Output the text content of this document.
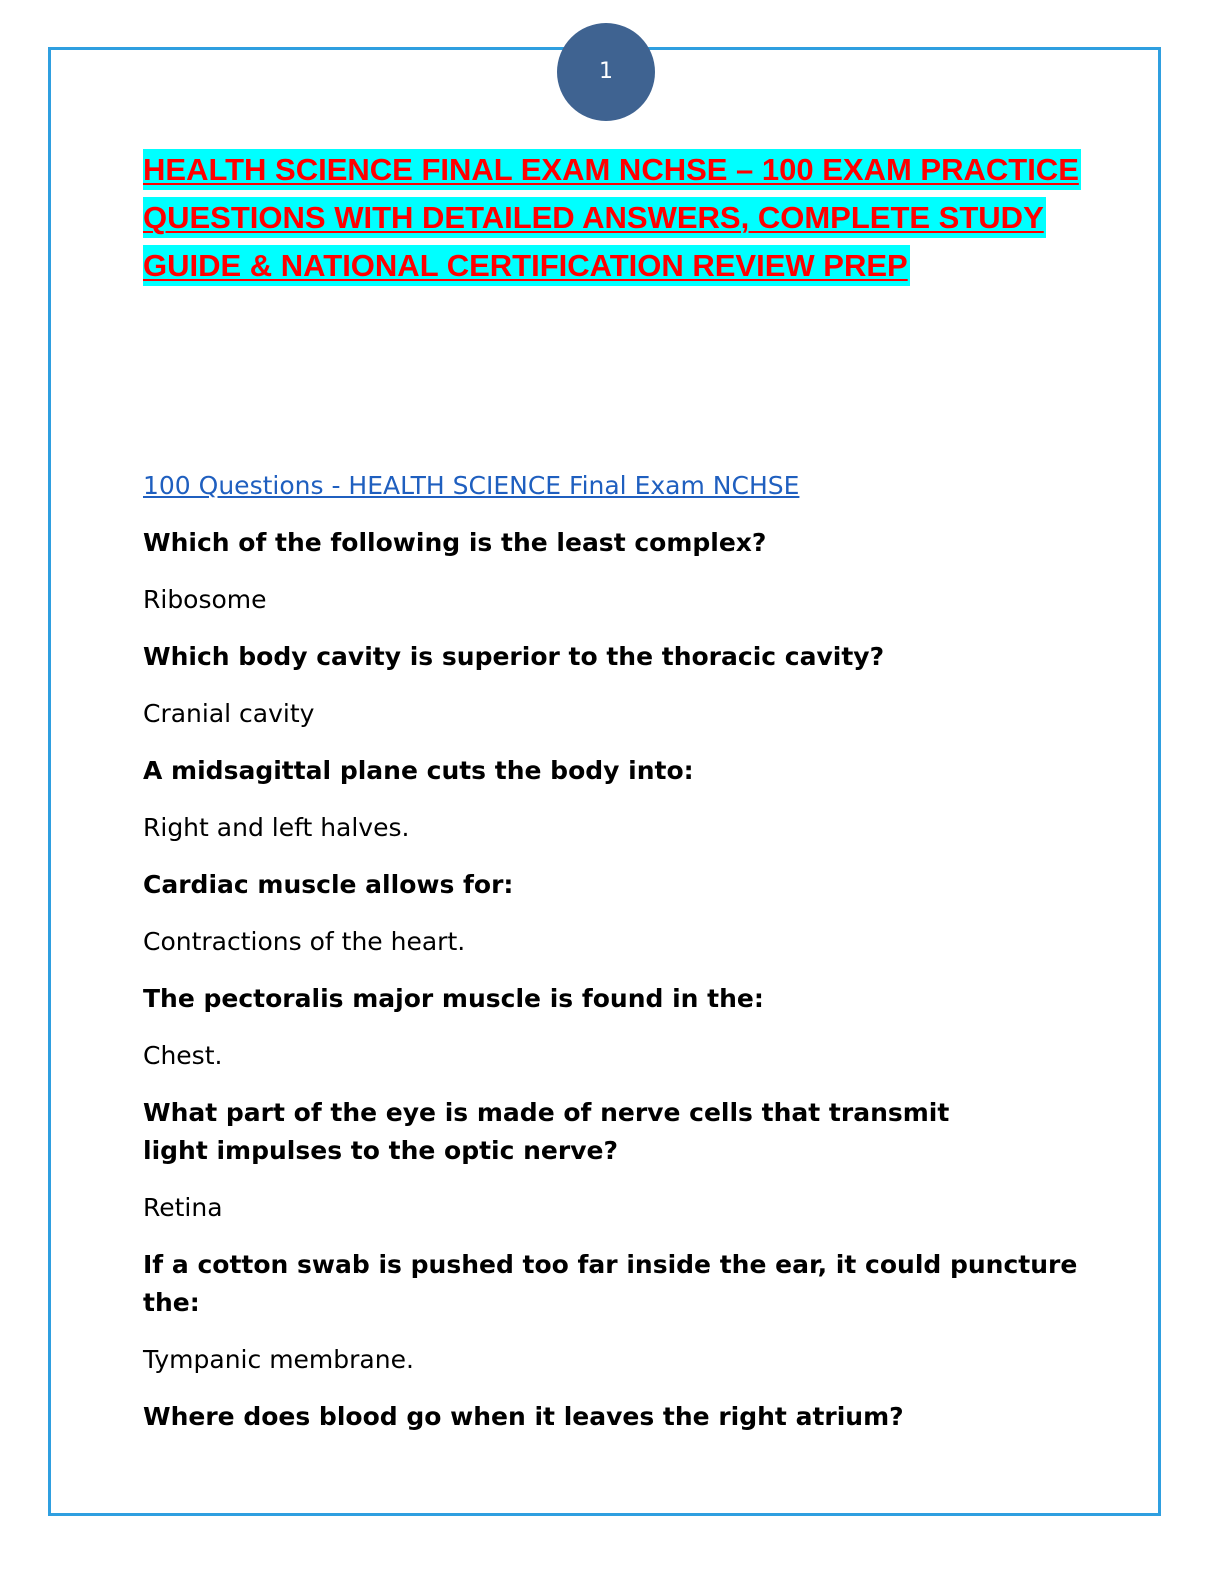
1
HEALTH SCIENCE FINAL EXAM NCHSE – 100 EXAM PRACTICE QUESTIONS WITH DETAILED ANSWERS, COMPLETE STUDY GUIDE & NATIONAL CERTIFICATION REVIEW PREP
100 Questions - HEALTH SCIENCE Final Exam NCHSE
Which of the following is the least complex?
Ribosome
Which body cavity is superior to the thoracic cavity?
Cranial cavity
A midsagittal plane cuts the body into:
Right and left halves.
Cardiac muscle allows for:
Contractions of the heart.
The pectoralis major muscle is found in the:
Chest.
What part of the eye is made of nerve cells that transmit light impulses to the optic nerve?
Retina
If a cotton swab is pushed too far inside the ear, it could puncture the:
Tympanic membrane.
Where does blood go when it leaves the right atrium?
